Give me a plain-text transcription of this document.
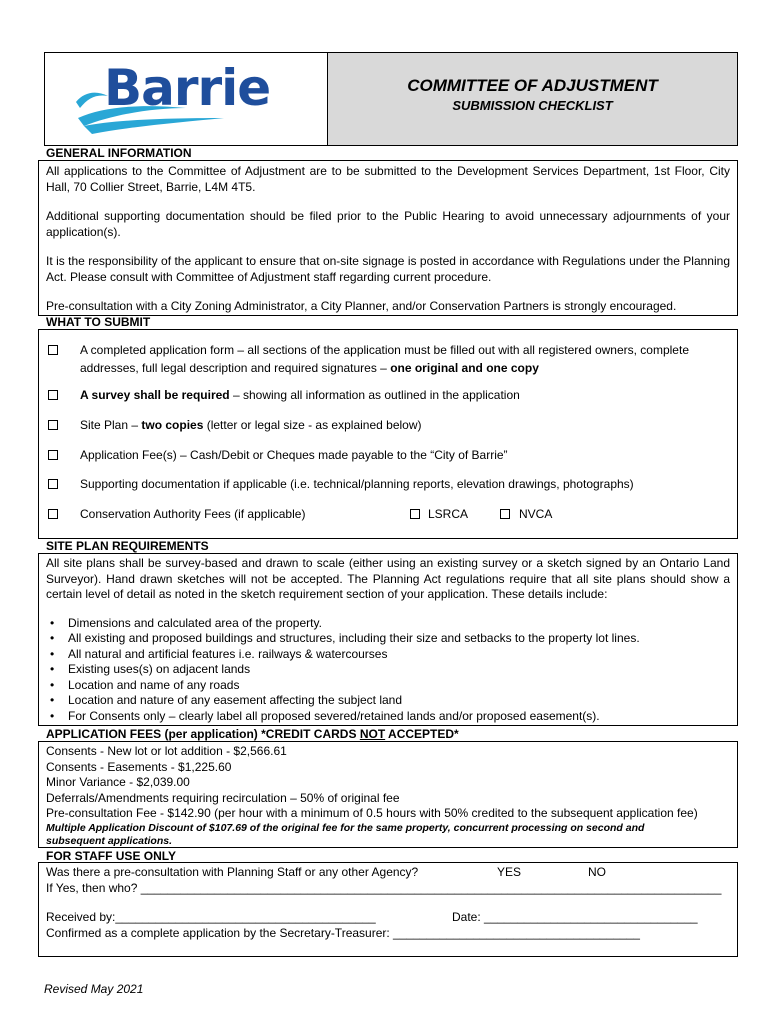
Barrie	COMMITTEE OF ADJUSTMENT
SUBMISSION CHECKLIST
GENERAL INFORMATION

All applications to the Committee of Adjustment are to be submitted to the Development Services Department, 1st Floor, City Hall, 70 Collier Street, Barrie, L4M 4T5.

Additional supporting documentation should be filed prior to the Public Hearing to avoid unnecessary adjournments of your application(s).

It is the responsibility of the applicant to ensure that on-site signage is posted in accordance with Regulations under the Planning Act. Please consult with Committee of Adjustment staff regarding current procedure.

Pre-consultation with a City Zoning Administrator, a City Planner, and/or Conservation Partners is strongly encouraged.

WHAT TO SUBMIT
A completed application form – all sections of the application must be filled out with all registered owners, complete addresses, full legal description and required signatures – one original and one copy
A survey shall be required – showing all information as outlined in the application
Site Plan – two copies (letter or legal size - as explained below)
Application Fee(s) – Cash/Debit or Cheques made payable to the “City of Barrie”
Supporting documentation if applicable (i.e. technical/planning reports, elevation drawings, photographs)
Conservation Authority Fees (if applicable)	LSRCA	NVCA
SITE PLAN REQUIREMENTS

All site plans shall be survey-based and drawn to scale (either using an existing survey or a sketch signed by an Ontario Land Surveyor). Hand drawn sketches will not be accepted. The Planning Act regulations require that all site plans should show a certain level of detail as noted in the sketch requirement section of your application. These details include:

• Dimensions and calculated area of the property.
• All existing and proposed buildings and structures, including their size and setbacks to the property lot lines.
• All natural and artificial features i.e. railways & watercourses
• Existing uses(s) on adjacent lands
• Location and name of any roads
• Location and nature of any easement affecting the subject land
• For Consents only – clearly label all proposed severed/retained lands and/or proposed easement(s).
APPLICATION FEES (per application) *CREDIT CARDS NOT ACCEPTED*
Consents - New lot or lot addition - $2,566.61
Consents - Easements - $1,225.60
Minor Variance - $2,039.00
Deferrals/Amendments requiring recirculation – 50% of original fee
Pre-consultation Fee - $142.90 (per hour with a minimum of 0.5 hours with 50% credited to the subsequent application fee)
Multiple Application Discount of $107.69 of the original fee for the same property, concurrent processing on second and subsequent applications.
FOR STAFF USE ONLY
Was there a pre-consultation with Planning Staff or any other Agency?	YES	NO
If Yes, then who? _______________________________________________________________________________________
Received by:_______________________________________	Date: ________________________________
Confirmed as a complete application by the Secretary-Treasurer: _____________________________________
Revised May 2021
